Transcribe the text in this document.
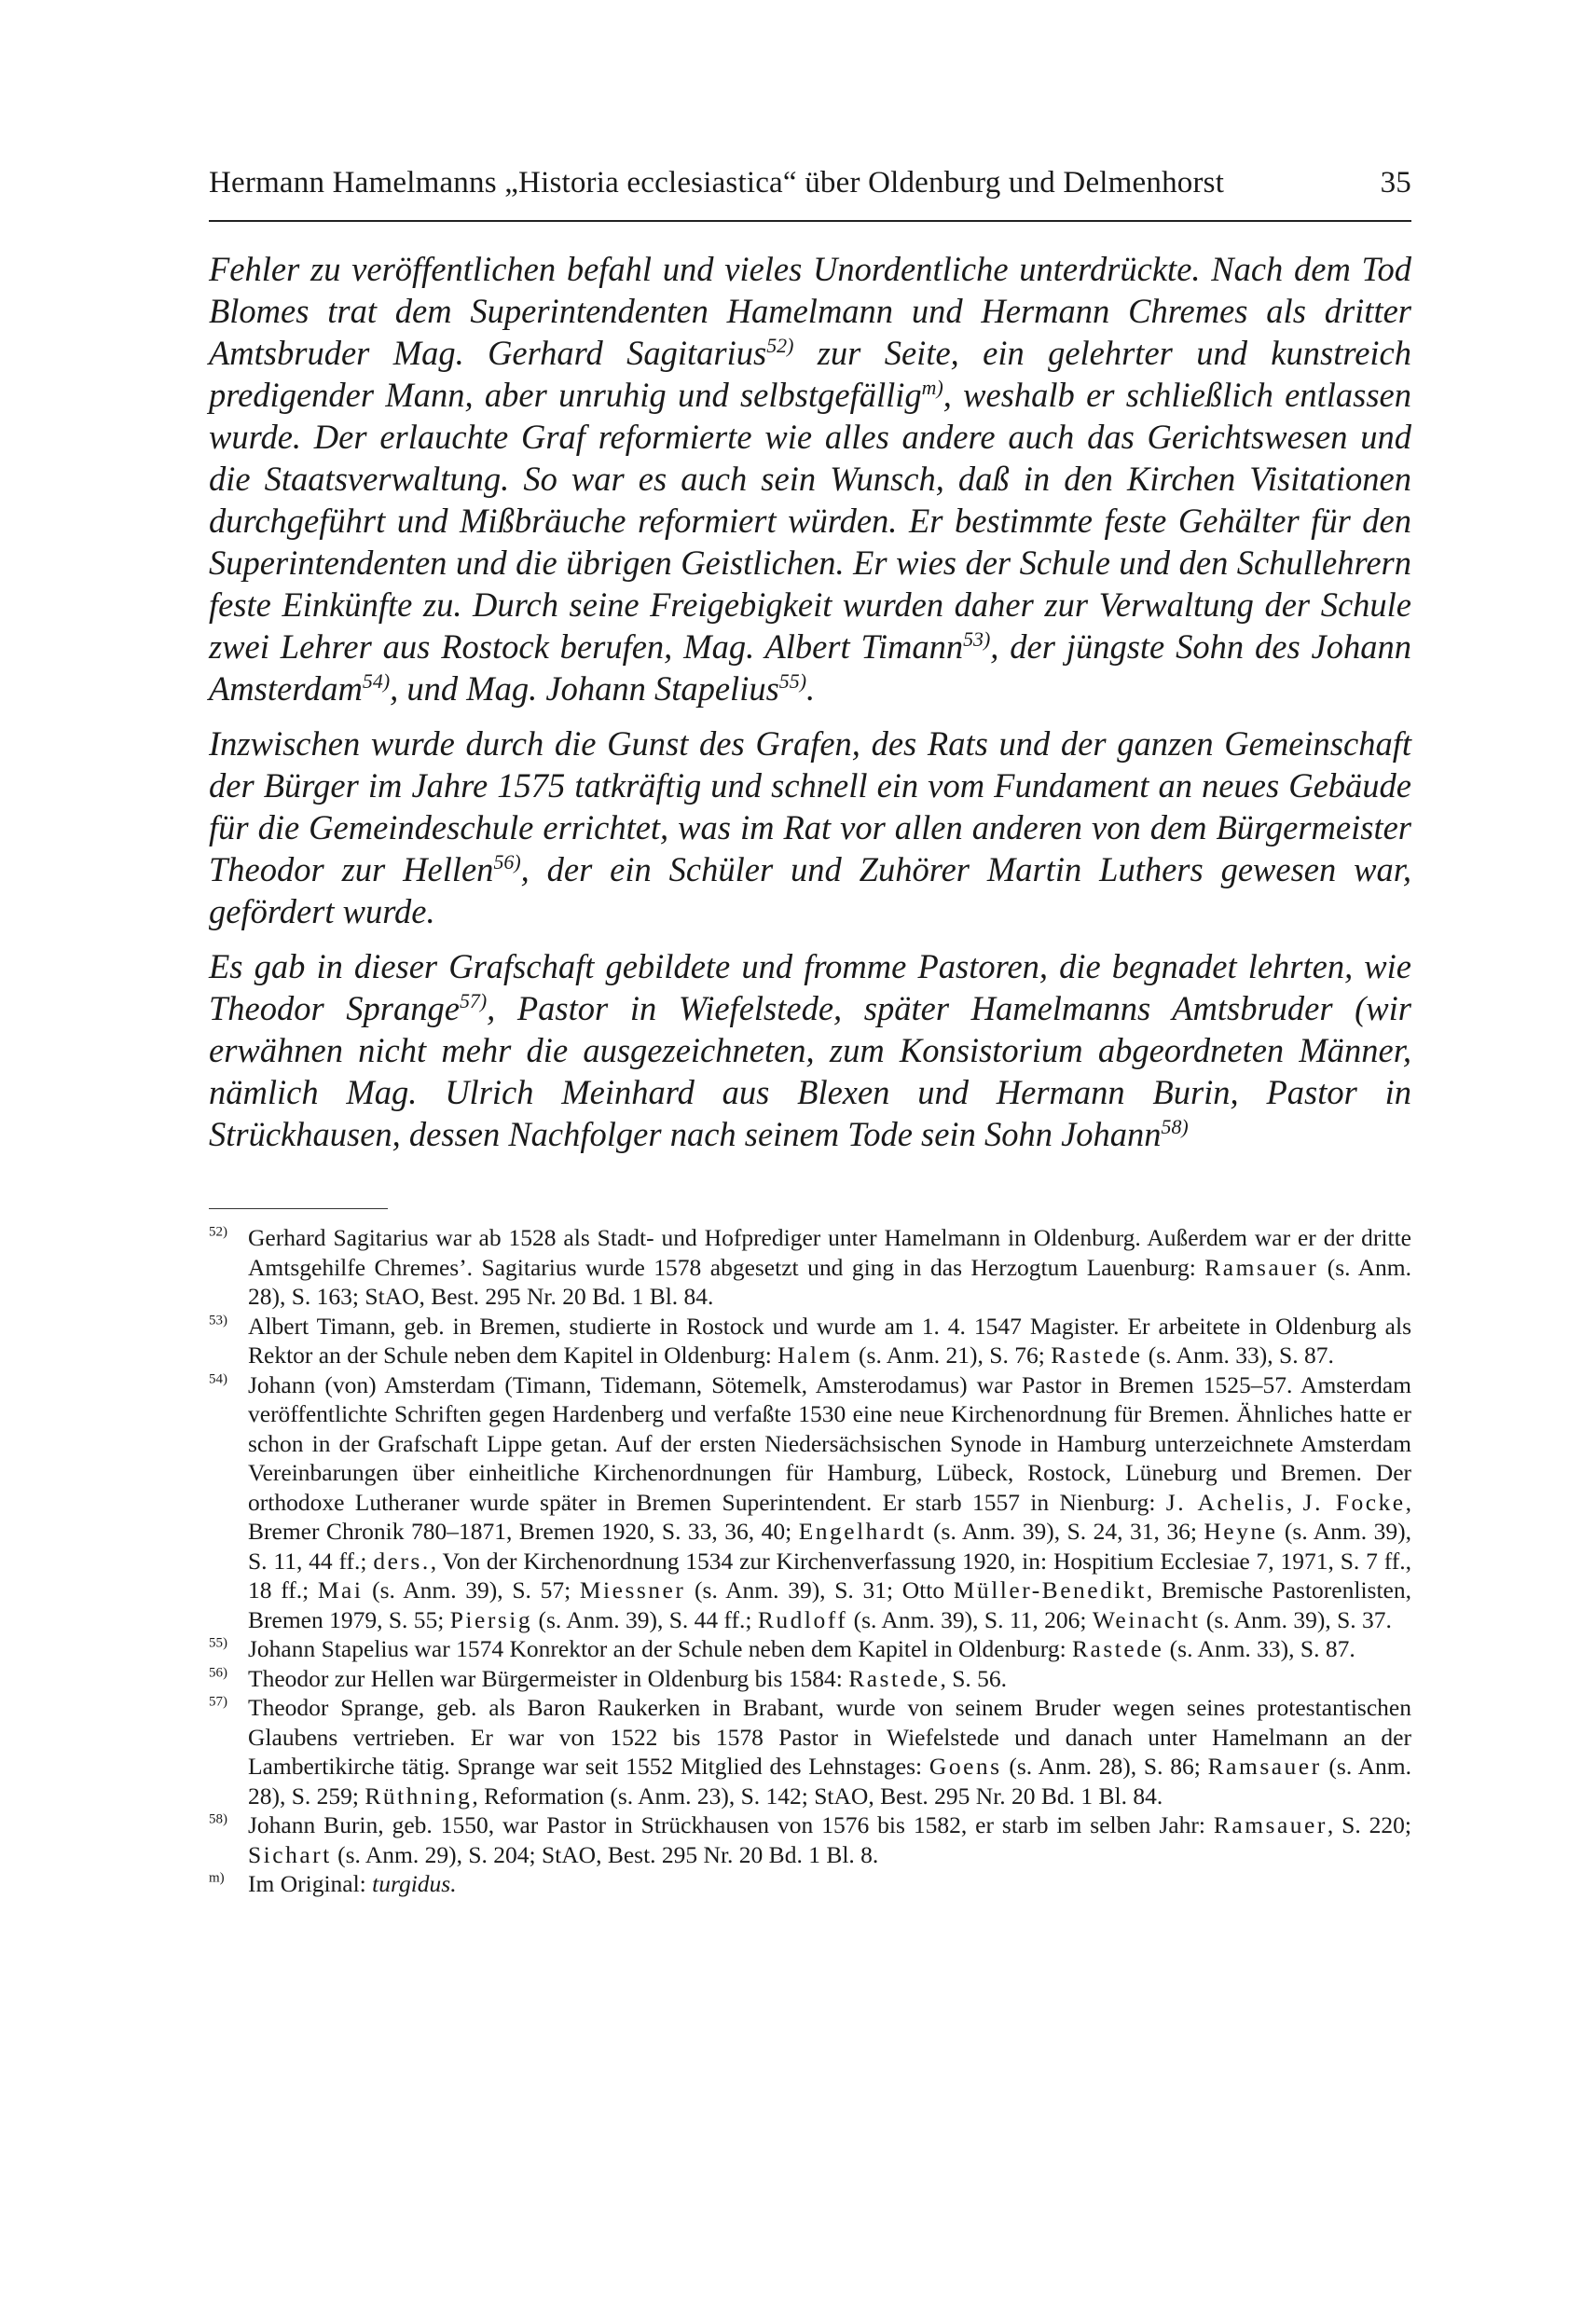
Hermann Hamelmanns „Historia ecclesiastica“ über Oldenburg und Delmenhorst	35

Fehler zu veröffentlichen befahl und vieles Unordentliche unterdrückte. Nach dem Tod Blomes trat dem Superintendenten Hamelmann und Hermann Chremes als dritter Amtsbruder Mag. Gerhard Sagitarius$^{52)}$ zur Seite, ein gelehrter und kunstreich predigender Mann, aber unruhig und selbstgefällig$^{m)}$, weshalb er schließlich entlassen wurde. Der erlauchte Graf reformierte wie alles andere auch das Gerichtswesen und die Staatsverwaltung. So war es auch sein Wunsch, daß in den Kirchen Visitationen durchgeführt und Mißbräuche reformiert würden. Er bestimmte feste Gehälter für den Superintendenten und die übrigen Geistlichen. Er wies der Schule und den Schullehrern feste Einkünfte zu. Durch seine Freigebigkeit wurden daher zur Verwaltung der Schule zwei Lehrer aus Rostock berufen, Mag. Albert Timann$^{53)}$, der jüngste Sohn des Johann Amsterdam$^{54)}$, und Mag. Johann Stapelius$^{55)}$.

Inzwischen wurde durch die Gunst des Grafen, des Rats und der ganzen Gemeinschaft der Bürger im Jahre 1575 tatkräftig und schnell ein vom Fundament an neues Gebäude für die Gemeindeschule errichtet, was im Rat vor allen anderen von dem Bürgermeister Theodor zur Hellen$^{56)}$, der ein Schüler und Zuhörer Martin Luthers gewesen war, gefördert wurde.

Es gab in dieser Grafschaft gebildete und fromme Pastoren, die begnadet lehrten, wie Theodor Sprange$^{57)}$, Pastor in Wiefelstede, später Hamelmanns Amtsbruder (wir erwähnen nicht mehr die ausgezeichneten, zum Konsistorium abgeordneten Männer, nämlich Mag. Ulrich Meinhard aus Blexen und Hermann Burin, Pastor in Strückhausen, dessen Nachfolger nach seinem Tode sein Sohn Johann$^{58)}$

$^{52)}$ Gerhard Sagitarius war ab 1528 als Stadt- und Hofprediger unter Hamelmann in Oldenburg. Außerdem war er der dritte Amtsgehilfe Chremes’. Sagitarius wurde 1578 abgesetzt und ging in das Herzogtum Lauenburg: Ramsauer (s. Anm. 28), S. 163; StAO, Best. 295 Nr. 20 Bd. 1 Bl. 84.
$^{53)}$ Albert Timann, geb. in Bremen, studierte in Rostock und wurde am 1. 4. 1547 Magister. Er arbeitete in Oldenburg als Rektor an der Schule neben dem Kapitel in Oldenburg: Halem (s. Anm. 21), S. 76; Rastede (s. Anm. 33), S. 87.
$^{54)}$ Johann (von) Amsterdam (Timann, Tidemann, Sötemelk, Amsterodamus) war Pastor in Bremen 1525–57. Amsterdam veröffentlichte Schriften gegen Hardenberg und verfaßte 1530 eine neue Kirchenordnung für Bremen. Ähnliches hatte er schon in der Grafschaft Lippe getan. Auf der ersten Niedersächsischen Synode in Hamburg unterzeichnete Amsterdam Vereinbarungen über einheitliche Kirchenordnungen für Hamburg, Lübeck, Rostock, Lüneburg und Bremen. Der orthodoxe Lutheraner wurde später in Bremen Superintendent. Er starb 1557 in Nienburg: J. Achelis, J. Focke, Bremer Chronik 780–1871, Bremen 1920, S. 33, 36, 40; Engelhardt (s. Anm. 39), S. 24, 31, 36; Heyne (s. Anm. 39), S. 11, 44 ff.; ders., Von der Kirchenordnung 1534 zur Kirchenverfassung 1920, in: Hospitium Ecclesiae 7, 1971, S. 7 ff., 18 ff.; Mai (s. Anm. 39), S. 57; Miessner (s. Anm. 39), S. 31; Otto Müller-Benedikt, Bremische Pastorenlisten, Bremen 1979, S. 55; Piersig (s. Anm. 39), S. 44 ff.; Rudloff (s. Anm. 39), S. 11, 206; Weinacht (s. Anm. 39), S. 37.
$^{55)}$ Johann Stapelius war 1574 Konrektor an der Schule neben dem Kapitel in Oldenburg: Rastede (s. Anm. 33), S. 87.
$^{56)}$ Theodor zur Hellen war Bürgermeister in Oldenburg bis 1584: Rastede, S. 56.
$^{57)}$ Theodor Sprange, geb. als Baron Raukerken in Brabant, wurde von seinem Bruder wegen seines protestantischen Glaubens vertrieben. Er war von 1522 bis 1578 Pastor in Wiefelstede und danach unter Hamelmann an der Lambertikirche tätig. Sprange war seit 1552 Mitglied des Lehnstages: Goens (s. Anm. 28), S. 86; Ramsauer (s. Anm. 28), S. 259; Rüthning, Reformation (s. Anm. 23), S. 142; StAO, Best. 295 Nr. 20 Bd. 1 Bl. 84.
$^{58)}$ Johann Burin, geb. 1550, war Pastor in Strückhausen von 1576 bis 1582, er starb im selben Jahr: Ramsauer, S. 220; Sichart (s. Anm. 29), S. 204; StAO, Best. 295 Nr. 20 Bd. 1 Bl. 8.
$^{m)}$ Im Original: turgidus.
